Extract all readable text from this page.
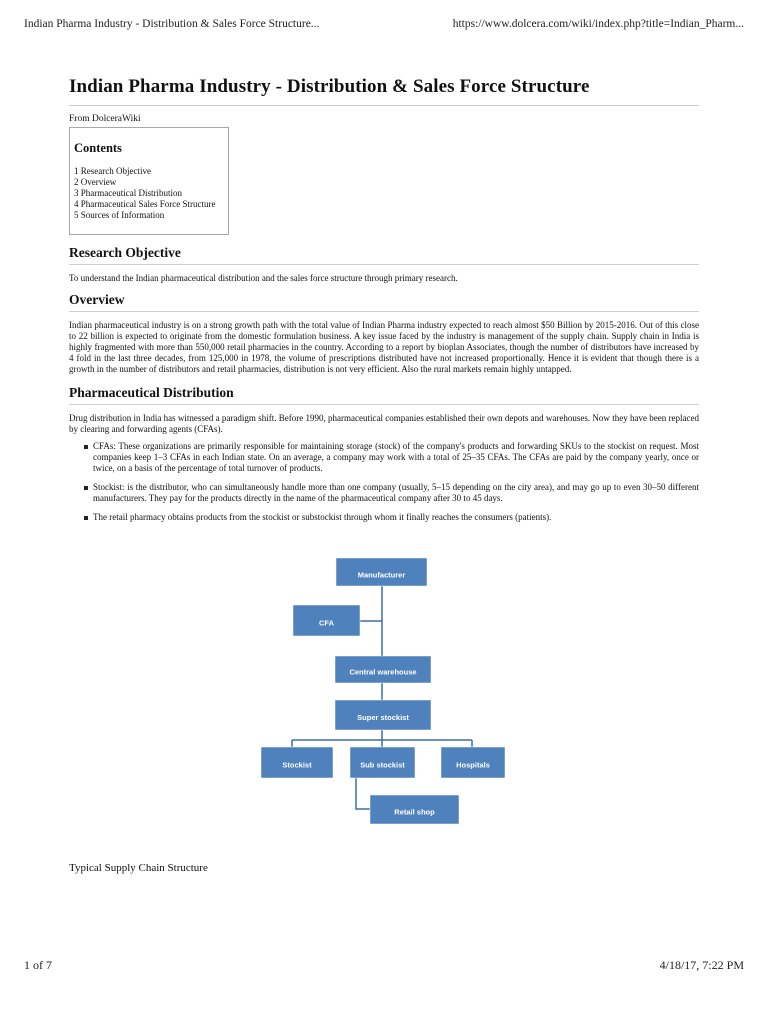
Indian Pharma Industry - Distribution & Sales Force Structure...	https://www.dolcera.com/wiki/index.php?title=Indian_Pharm...
Indian Pharma Industry - Distribution & Sales Force Structure
From DolceraWiki
Contents
1 Research Objective
2 Overview
3 Pharmaceutical Distribution
4 Pharmaceutical Sales Force Structure
5 Sources of Information
Research Objective

To understand the Indian pharmaceutical distribution and the sales force structure through primary research.

Overview

Indian pharmaceutical industry is on a strong growth path with the total value of Indian Pharma industry expected to reach almost $50 Billion by 2015-2016. Out of this close to 22 billion is expected to originate from the domestic formulation business. A key issue faced by the industry is management of the supply chain. Supply chain in India is highly fragmented with more than 550,000 retail pharmacies in the country. According to a report by bioplan Associates, though the number of distributors have increased by 4 fold in the last three decades, from 125,000 in 1978, the volume of prescriptions distributed have not increased proportionally. Hence it is evident that though there is a growth in the number of distributors and retail pharmacies, distribution is not very efficient. Also the rural markets remain highly untapped.

Pharmaceutical Distribution

Drug distribution in India has witnessed a paradigm shift. Before 1990, pharmaceutical companies established their own depots and warehouses. Now they have been replaced by clearing and forwarding agents (CFAs).

CFAs: These organizations are primarily responsible for maintaining storage (stock) of the company's products and forwarding SKUs to the stockist on request. Most companies keep 1–3 CFAs in each Indian state. On an average, a company may work with a total of 25–35 CFAs. The CFAs are paid by the company yearly, once or twice, on a basis of the percentage of total turnover of products.
Stockist: is the distributor, who can simultaneously handle more than one company (usually, 5–15 depending on the city area), and may go up to even 30–50 different manufacturers. They pay for the products directly in the name of the pharmaceutical company after 30 to 45 days.
The retail pharmacy obtains products from the stockist or substockist through whom it finally reaches the consumers (patients).
Manufacturer
CFA
Central warehouse
Super stockist
Stockist	Sub stockist	Hospitals
Retail shop
Typical Supply Chain Structure
1 of 7	4/18/17, 7:22 PM
